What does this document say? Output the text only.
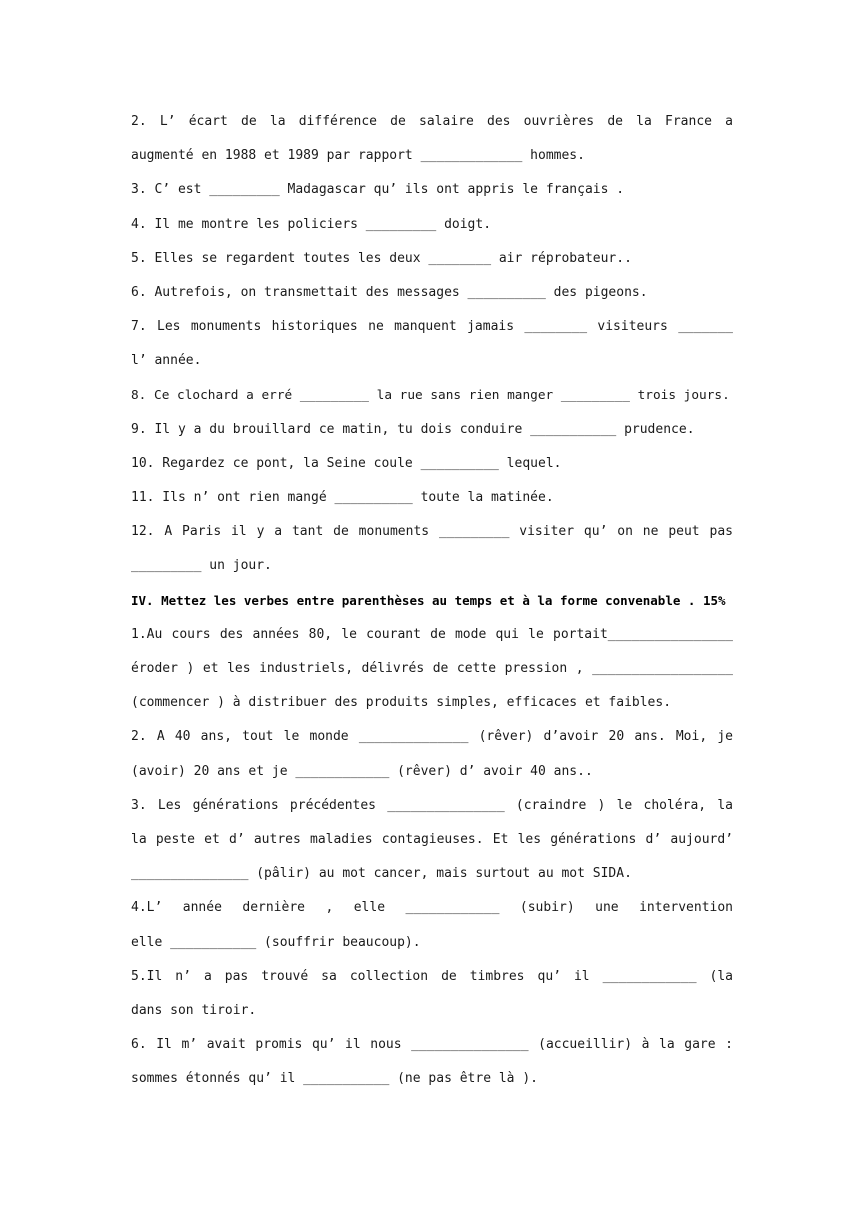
2. L’ écart de la différence de salaire des ouvrières de la France a
augmenté en 1988 et 1989 par rapport _____________ hommes.
3. C’ est _________ Madagascar qu’ ils ont appris le français .
4. Il me montre les policiers _________ doigt.
5. Elles se regardent toutes les deux ________ air réprobateur..
6. Autrefois, on transmettait des messages __________ des pigeons.
7. Les monuments historiques ne manquent jamais ________ visiteurs _______
l’ année.
8. Ce clochard a erré _________ la rue sans rien manger _________ trois jours.
9. Il y a du brouillard ce matin, tu dois conduire ___________ prudence.
10. Regardez ce pont, la Seine coule __________ lequel.
11. Ils n’ ont rien mangé __________ toute la matinée.
12. A Paris il y a tant de monuments _________ visiter qu’ on ne peut pas
_________ un jour.
IV. Mettez les verbes entre parenthèses au temps et à la forme convenable . 15%
1.Au cours des années 80, le courant de mode qui le portait________________
éroder ) et les industriels, délivrés de cette pression , __________________
(commencer ) à distribuer des produits simples, efficaces et faibles.
2. A 40 ans, tout le monde ______________ (rêver) d’avoir 20 ans. Moi, je
(avoir) 20 ans et je ____________ (rêver) d’ avoir 40 ans..
3. Les générations précédentes _______________ (craindre ) le choléra, la
la peste et d’ autres maladies contagieuses. Et les générations d’ aujourd’
_______________ (pâlir) au mot cancer, mais surtout au mot SIDA.
4.L’ année dernière , elle ____________ (subir) une intervention
elle ___________ (souffrir beaucoup).
5.Il n’ a pas trouvé sa collection de timbres qu’ il ____________ (la
dans son tiroir.
6. Il m’ avait promis qu’ il nous _______________ (accueillir) à la gare :
sommes étonnés qu’ il ___________ (ne pas être là ).
